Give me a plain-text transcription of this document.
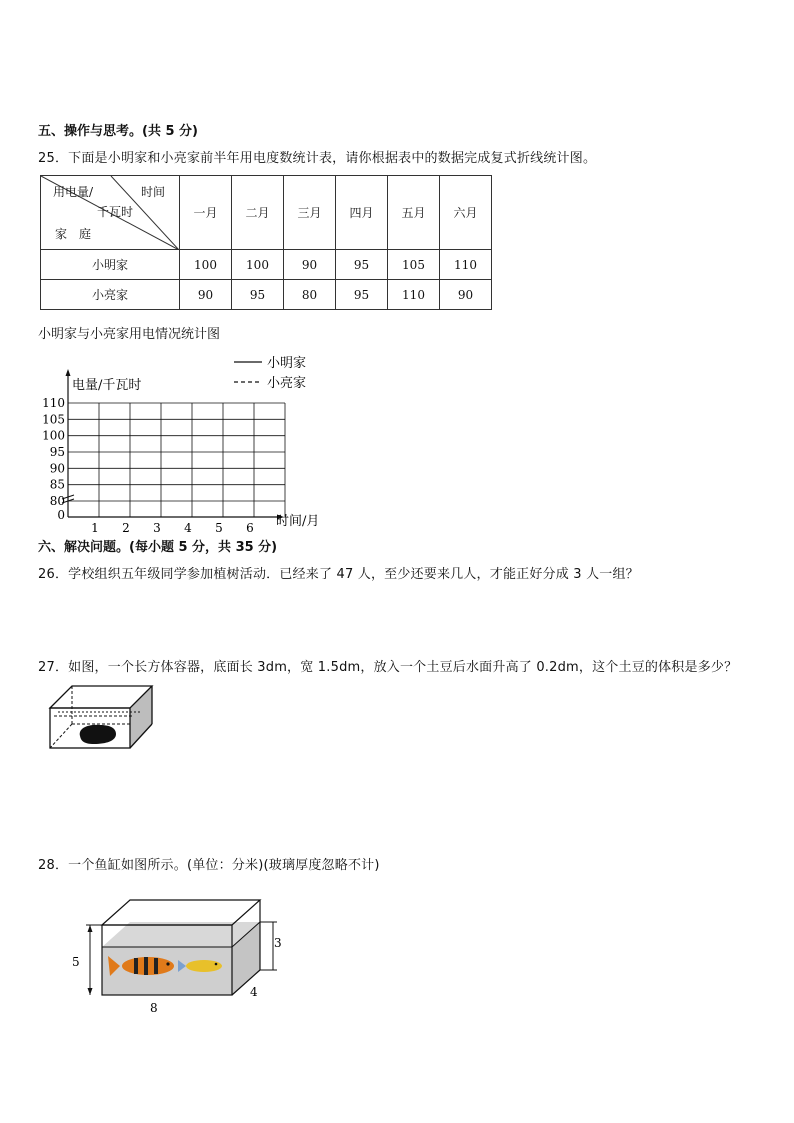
五、操作与思考。(共 5 分)
25．下面是小明家和小亮家前半年用电度数统计表，请你根据表中的数据完成复式折线统计图。
用电量/ 时间
千瓦时
家　庭	一月	二月	三月	四月	五月	六月
小明家	100	100	90	95	105	110
小亮家	90	95	80	95	110	90
小明家与小亮家用电情况统计图
80
85
90
95
100
105
110
0
1 2 3 4 5 6
电量/千瓦时
时间/月
小明家
小亮家
六、解决问题。(每小题 5 分，共 35 分)
26．学校组织五年级同学参加植树活动．已经来了 47 人，至少还要来几人，才能正好分成 3 人一组？
27．如图，一个长方体容器，底面长 3dm，宽 1.5dm，放入一个土豆后水面升高了 0.2dm，这个土豆的体积是多少？
28．一个鱼缸如图所示。(单位：分米)(玻璃厚度忽略不计)
5
3
8
4
